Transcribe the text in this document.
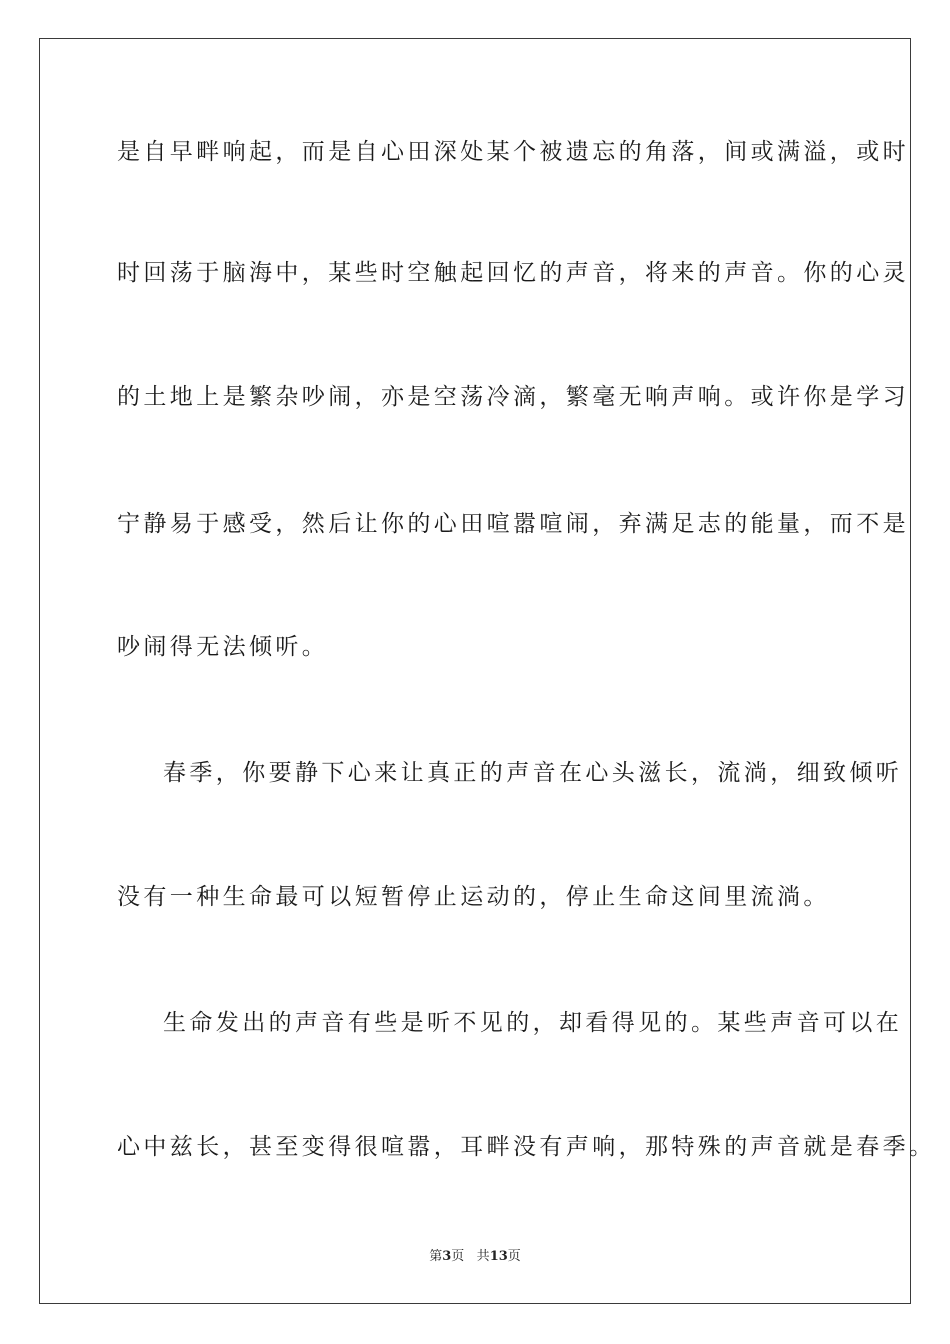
是自早畔响起，而是自心田深处某个被遗忘的角落，间或满溢，或时
时回荡于脑海中，某些时空触起回忆的声音，将来的声音。你的心灵
的土地上是繁杂吵闹，亦是空荡冷滴，繁毫无响声响。或许你是学习
宁静易于感受，然后让你的心田喧嚣喧闹，弃满足志的能量，而不是
吵闹得无法倾听。
春季，你要静下心来让真正的声音在心头滋长，流淌，细致倾听
没有一种生命最可以短暂停止运动的，停止生命这间里流淌。
生命发出的声音有些是听不见的，却看得见的。某些声音可以在
心中兹长，甚至变得很喧嚣，耳畔没有声响，那特殊的声音就是春季。
第3页 共13页
